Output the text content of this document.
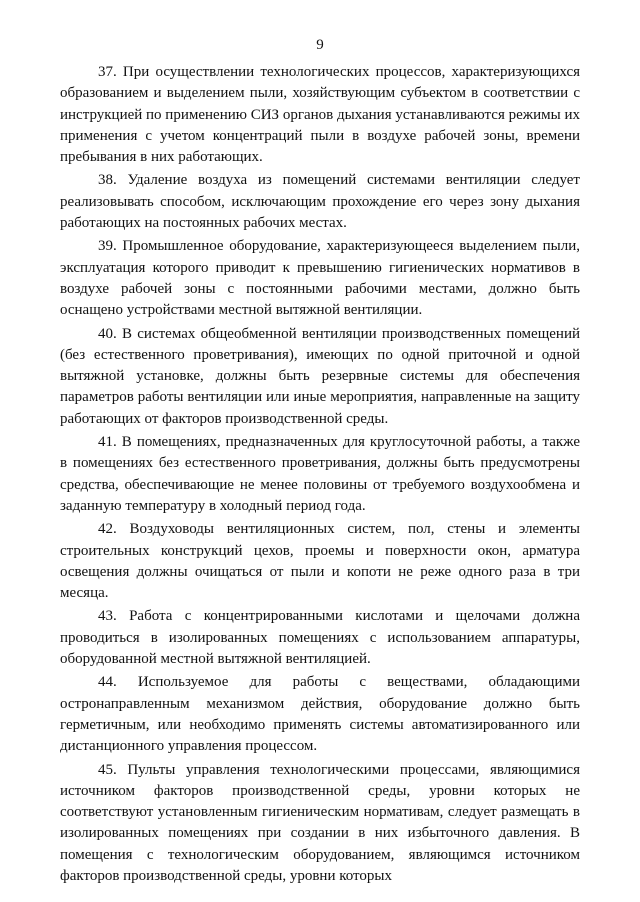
9

37. При осуществлении технологических процессов, характеризующихся образованием и выделением пыли, хозяйствующим субъектом в соответствии с инструкцией по применению СИЗ органов дыхания устанавливаются режимы их применения с учетом концентраций пыли в воздухе рабочей зоны, времени пребывания в них работающих.

38. Удаление воздуха из помещений системами вентиляции следует реализовывать способом, исключающим прохождение его через зону дыхания работающих на постоянных рабочих местах.

39. Промышленное оборудование, характеризующееся выделением пыли, эксплуатация которого приводит к превышению гигиенических нормативов в воздухе рабочей зоны с постоянными рабочими местами, должно быть оснащено устройствами местной вытяжной вентиляции.

40. В системах общеобменной вентиляции производственных помещений (без естественного проветривания), имеющих по одной приточной и одной вытяжной установке, должны быть резервные системы для обеспечения параметров работы вентиляции или иные мероприятия, направленные на защиту работающих от факторов производственной среды.

41. В помещениях, предназначенных для круглосуточной работы, а также в помещениях без естественного проветривания, должны быть предусмотрены средства, обеспечивающие не менее половины от требуемого воздухообмена и заданную температуру в холодный период года.

42. Воздуховоды вентиляционных систем, пол, стены и элементы строительных конструкций цехов, проемы и поверхности окон, арматура освещения должны очищаться от пыли и копоти не реже одного раза в три месяца.

43. Работа с концентрированными кислотами и щелочами должна проводиться в изолированных помещениях с использованием аппаратуры, оборудованной местной вытяжной вентиляцией.

44. Используемое для работы с веществами, обладающими остронаправленным механизмом действия, оборудование должно быть герметичным, или необходимо применять системы автоматизированного или дистанционного управления процессом.

45. Пульты управления технологическими процессами, являющимися источником факторов производственной среды, уровни которых не соответствуют установленным гигиеническим нормативам, следует размещать в изолированных помещениях при создании в них избыточного давления. В помещения с технологическим оборудованием, являющимся источником факторов производственной среды, уровни которых
